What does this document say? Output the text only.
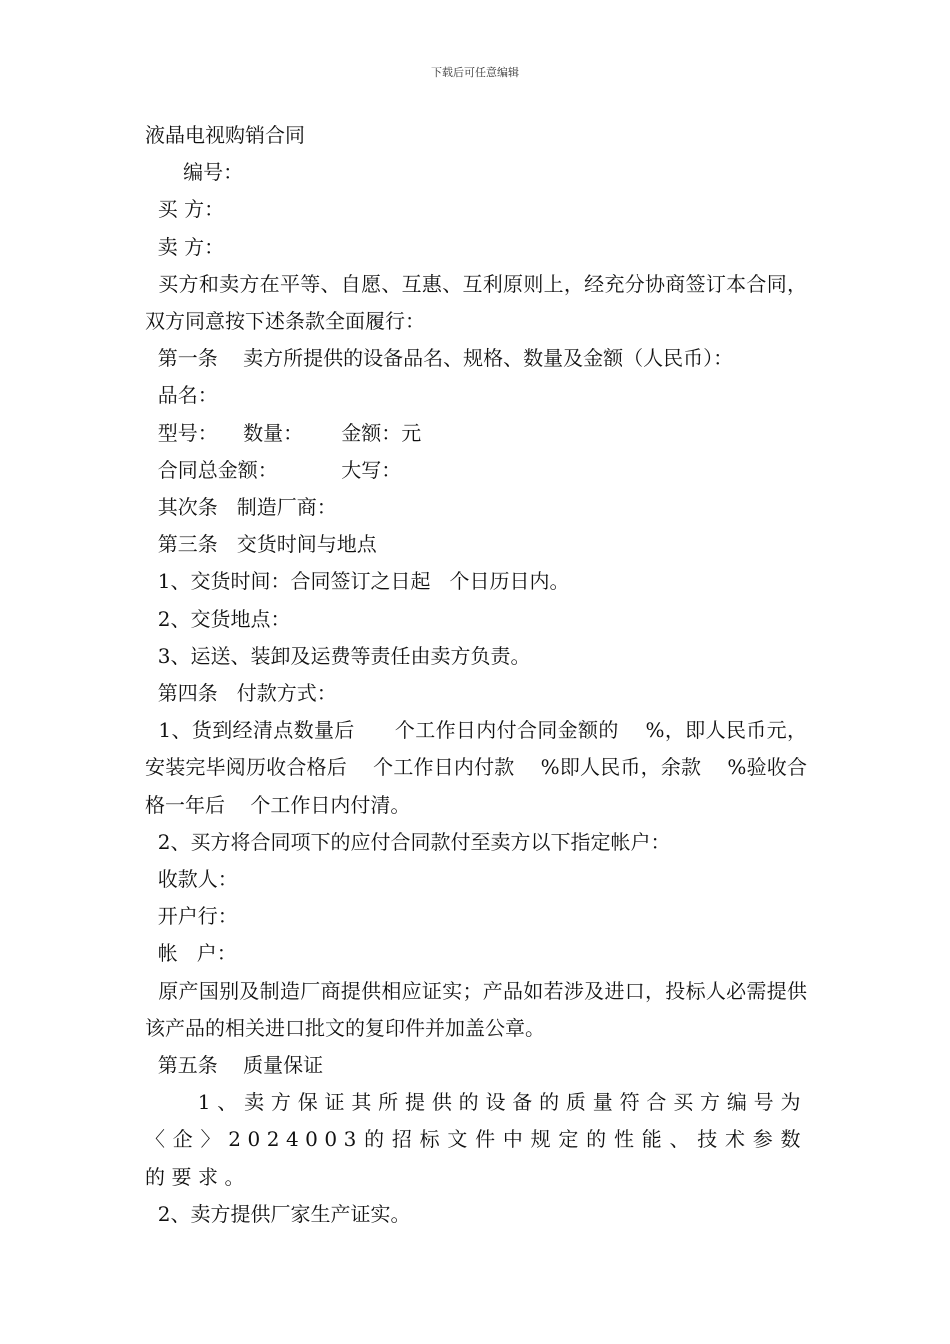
下载后可任意编辑

液晶电视购销合同

编号：

买 方：

卖 方：

买方和卖方在平等、自愿、互惠、互利原则上，经充分协商签订本合同，双方同意按下述条款全面履行：

第一条    卖方所提供的设备品名、规格、数量及金额（人民币）：

品名：

型号：    数量：      金额：元

合同总金额：          大写：

其次条   制造厂商：

第三条   交货时间与地点

1、交货时间：合同签订之日起   个日历日内。

2、交货地点：

3、运送、装卸及运费等责任由卖方负责。

第四条   付款方式：

1、货到经清点数量后      个工作日内付合同金额的    %，即人民币元，安装完毕阅历收合格后    个工作日内付款    %即人民币，余款    %验收合格一年后    个工作日内付清。

2、买方将合同项下的应付合同款付至卖方以下指定帐户：

收款人：

开户行：

帐   户：

原产国别及制造厂商提供相应证实；产品如若涉及进口，投标人必需提供该产品的相关进口批文的复印件并加盖公章。

第五条    质量保证

1、卖方保证其所提供的设备的质量符合买方编号为〈企〉2024003的招标文件中规定的性能、技术参数的要求。

2、卖方提供厂家生产证实。
